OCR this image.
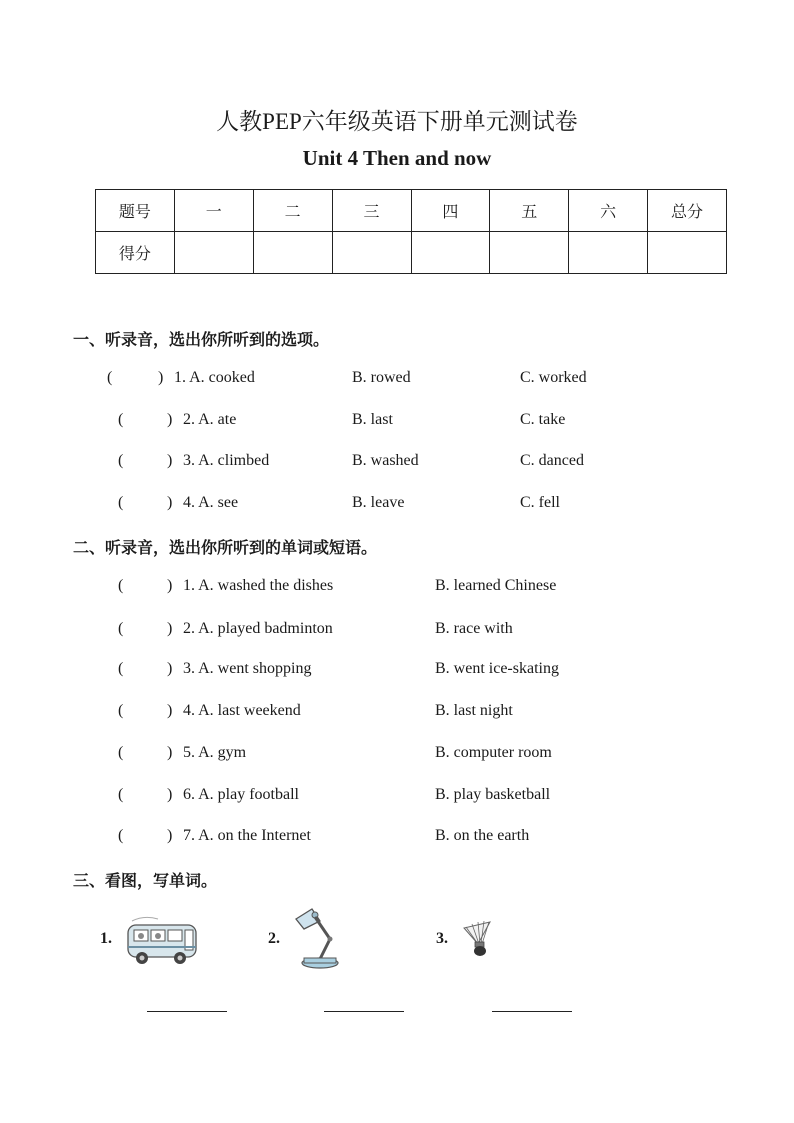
人教PEP六年级英语下册单元测试卷
Unit 4 Then and now
题号	一	二	三	四	五	六	总分
得分							
一、听录音，选出你所听到的选项。
(	) 1. A. cooked	B. rowed	C. worked
(	) 2. A. ate	B. last	C. take
(	) 3. A. climbed	B. washed	C. danced
(	) 4. A. see	B. leave	C. fell
二、听录音，选出你所听到的单词或短语。
(	) 1. A. washed the dishes	B. learned Chinese
(	) 2. A. played badminton	B. race with
(	) 3. A. went shopping	B. went ice-skating
(	) 4. A. last weekend	B. last night
(	) 5. A. gym	B. computer room
(	) 6. A. play football	B. play basketball
(	) 7. A. on the Internet	B. on the earth
三、看图，写单词。
1.	2.	3.
